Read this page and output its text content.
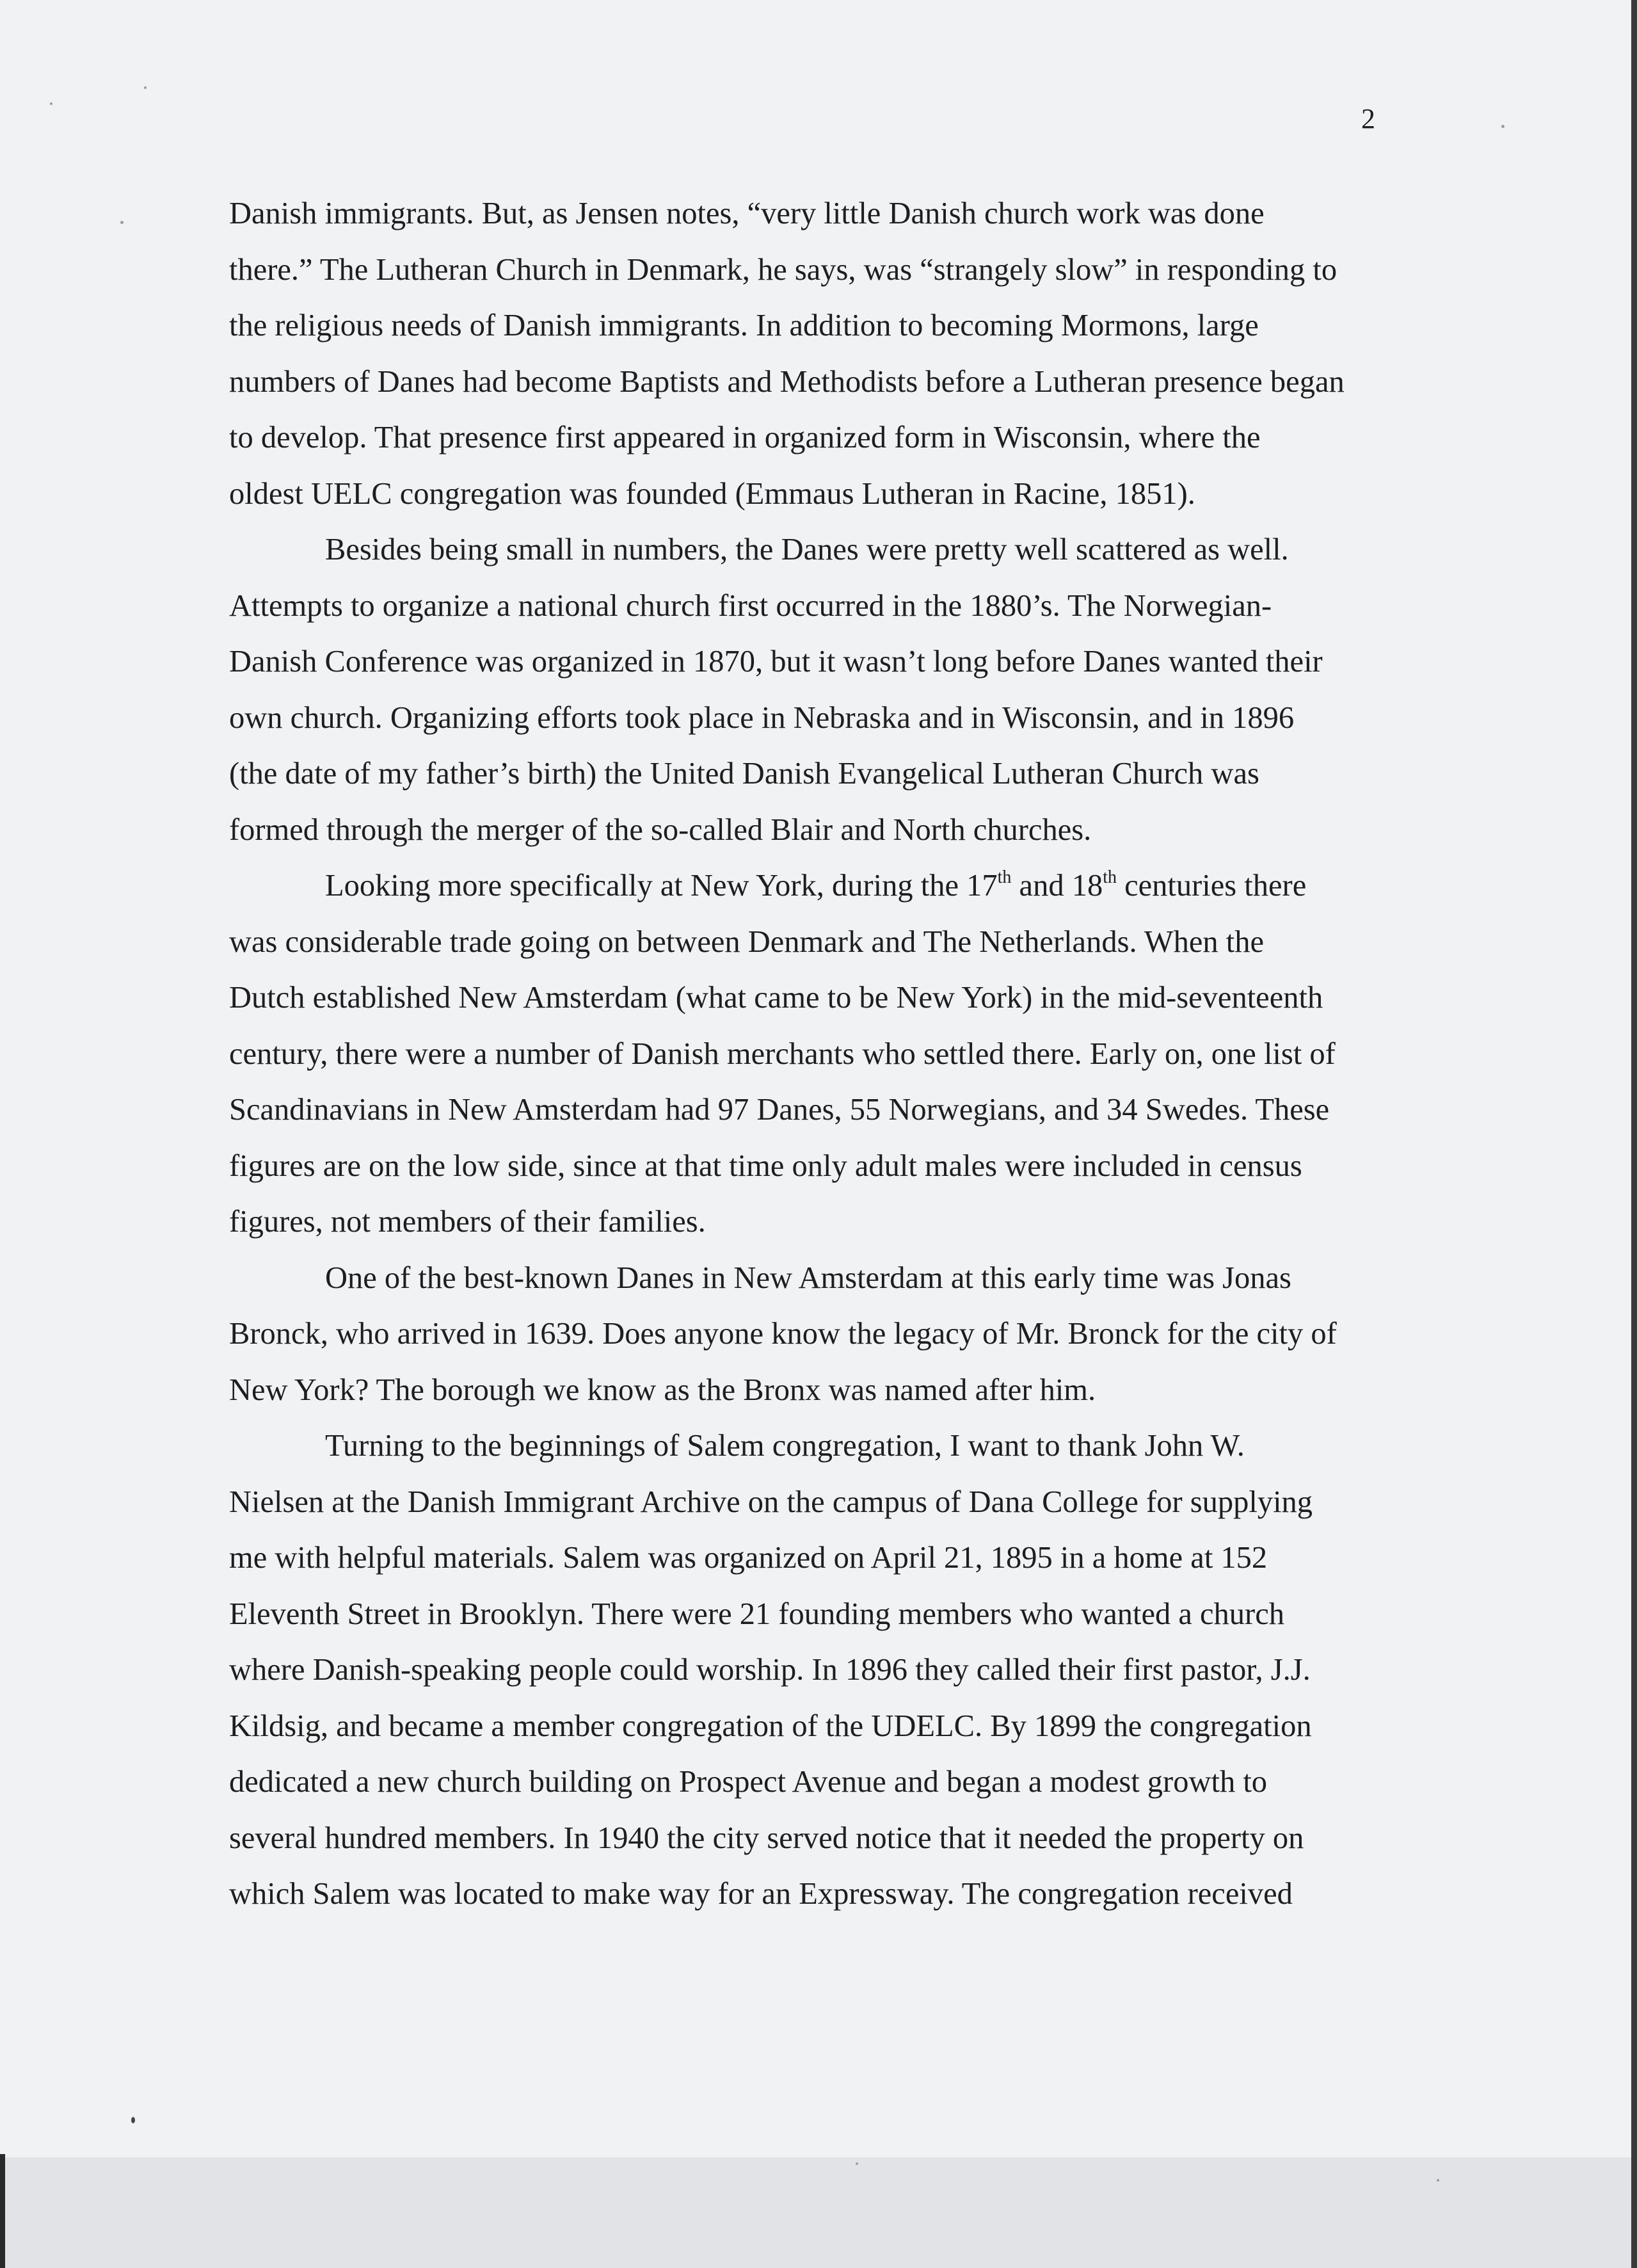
2

Danish immigrants. But, as Jensen notes, “very little Danish church work was done
there.” The Lutheran Church in Denmark, he says, was “strangely slow” in responding to
the religious needs of Danish immigrants. In addition to becoming Mormons, large
numbers of Danes had become Baptists and Methodists before a Lutheran presence began
to develop. That presence first appeared in organized form in Wisconsin, where the
oldest UELC congregation was founded (Emmaus Lutheran in Racine, 1851).

Besides being small in numbers, the Danes were pretty well scattered as well.
Attempts to organize a national church first occurred in the 1880’s. The Norwegian-
Danish Conference was organized in 1870, but it wasn’t long before Danes wanted their
own church. Organizing efforts took place in Nebraska and in Wisconsin, and in 1896
(the date of my father’s birth) the United Danish Evangelical Lutheran Church was
formed through the merger of the so-called Blair and North churches.

Looking more specifically at New York, during the 17th and 18th centuries there
was considerable trade going on between Denmark and The Netherlands. When the
Dutch established New Amsterdam (what came to be New York) in the mid-seventeenth
century, there were a number of Danish merchants who settled there. Early on, one list of
Scandinavians in New Amsterdam had 97 Danes, 55 Norwegians, and 34 Swedes. These
figures are on the low side, since at that time only adult males were included in census
figures, not members of their families.

One of the best-known Danes in New Amsterdam at this early time was Jonas
Bronck, who arrived in 1639. Does anyone know the legacy of Mr. Bronck for the city of
New York? The borough we know as the Bronx was named after him.

Turning to the beginnings of Salem congregation, I want to thank John W.
Nielsen at the Danish Immigrant Archive on the campus of Dana College for supplying
me with helpful materials. Salem was organized on April 21, 1895 in a home at 152
Eleventh Street in Brooklyn. There were 21 founding members who wanted a church
where Danish-speaking people could worship. In 1896 they called their first pastor, J.J.
Kildsig, and became a member congregation of the UDELC. By 1899 the congregation
dedicated a new church building on Prospect Avenue and began a modest growth to
several hundred members. In 1940 the city served notice that it needed the property on
which Salem was located to make way for an Expressway. The congregation received
